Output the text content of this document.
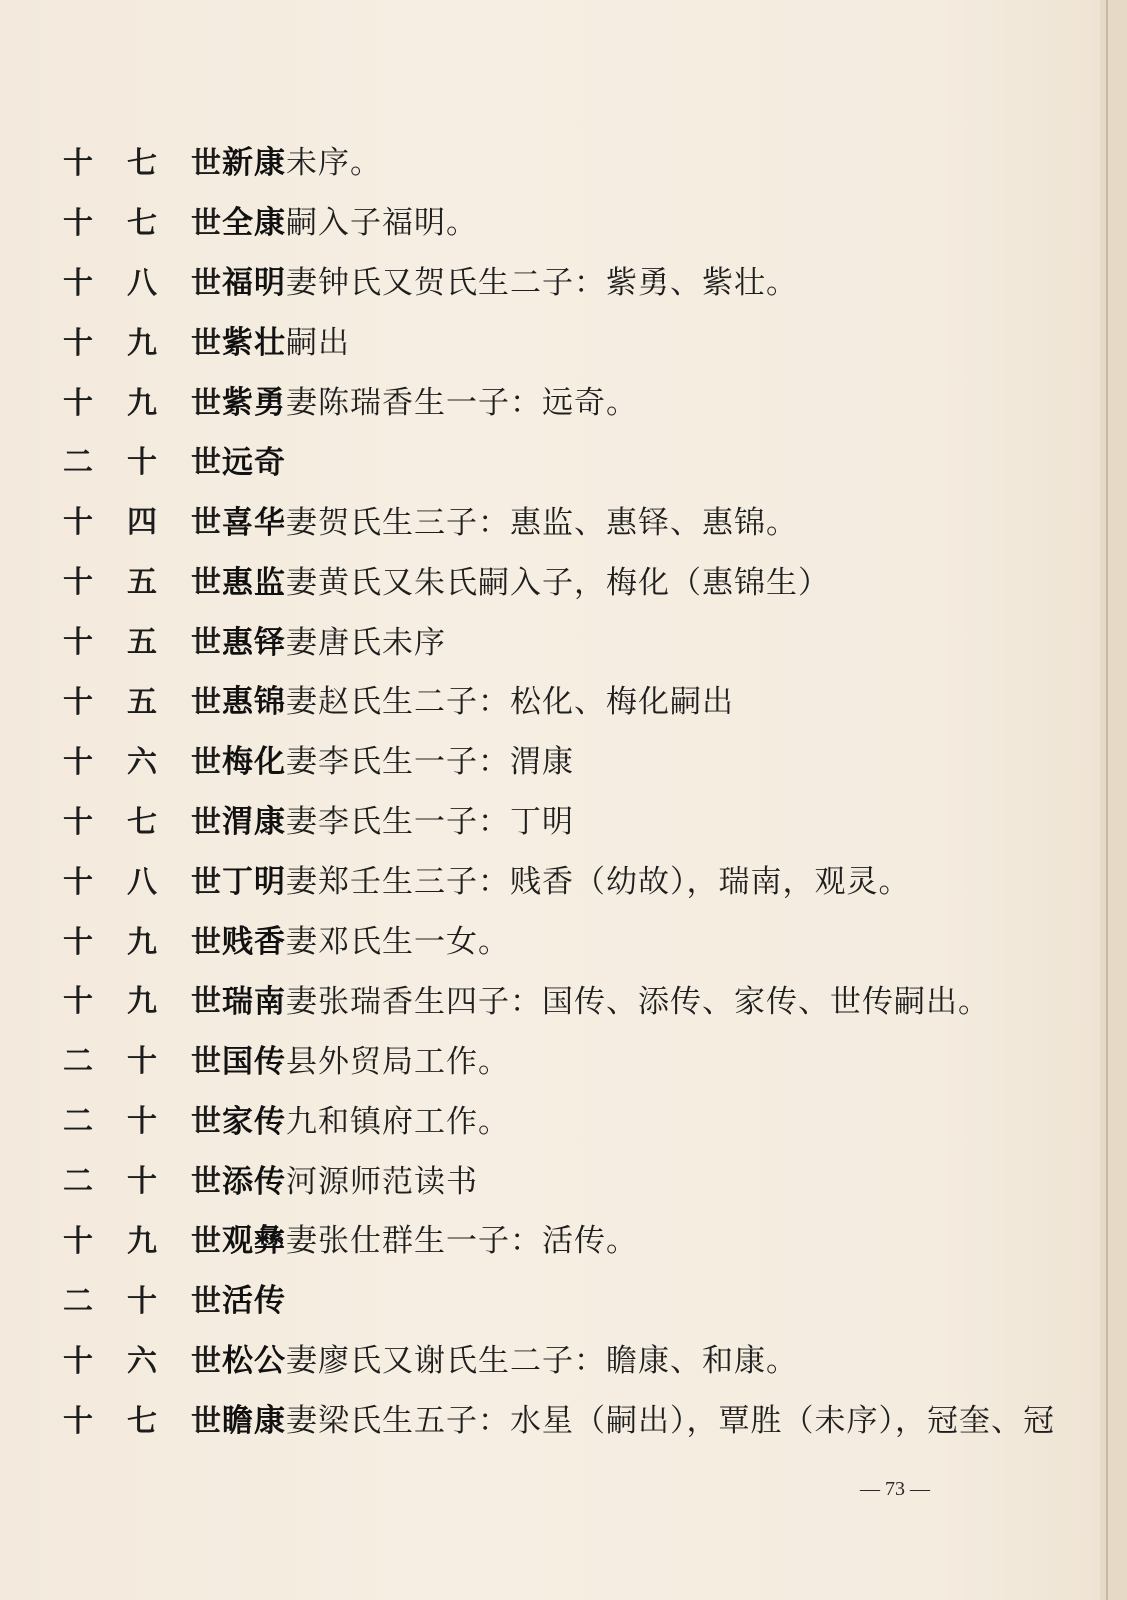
十 七 世 新康未序。
十 七 世 全康嗣入子福明。
十 八 世 福明妻钟氏又贺氏生二子：紫勇、紫壮。
十 九 世 紫壮嗣出
十 九 世 紫勇妻陈瑞香生一子：远奇。
二 十 世 远奇
十 四 世 喜华妻贺氏生三子：惠监、惠铎、惠锦。
十 五 世 惠监妻黄氏又朱氏嗣入子，梅化（惠锦生）
十 五 世 惠铎妻唐氏未序
十 五 世 惠锦妻赵氏生二子：松化、梅化嗣出
十 六 世 梅化妻李氏生一子：渭康
十 七 世 渭康妻李氏生一子：丁明
十 八 世 丁明妻郑壬生三子：贱香（幼故），瑞南，观灵。
十 九 世 贱香妻邓氏生一女。
十 九 世 瑞南妻张瑞香生四子：国传、添传、家传、世传嗣出。
二 十 世 国传县外贸局工作。
二 十 世 家传九和镇府工作。
二 十 世 添传河源师范读书
十 九 世 观彝妻张仕群生一子：活传。
二 十 世 活传
十 六 世 松公妻廖氏又谢氏生二子：瞻康、和康。
十 七 世 瞻康妻梁氏生五子：水星（嗣出），覃胜（未序），冠奎、冠
— 73 —
